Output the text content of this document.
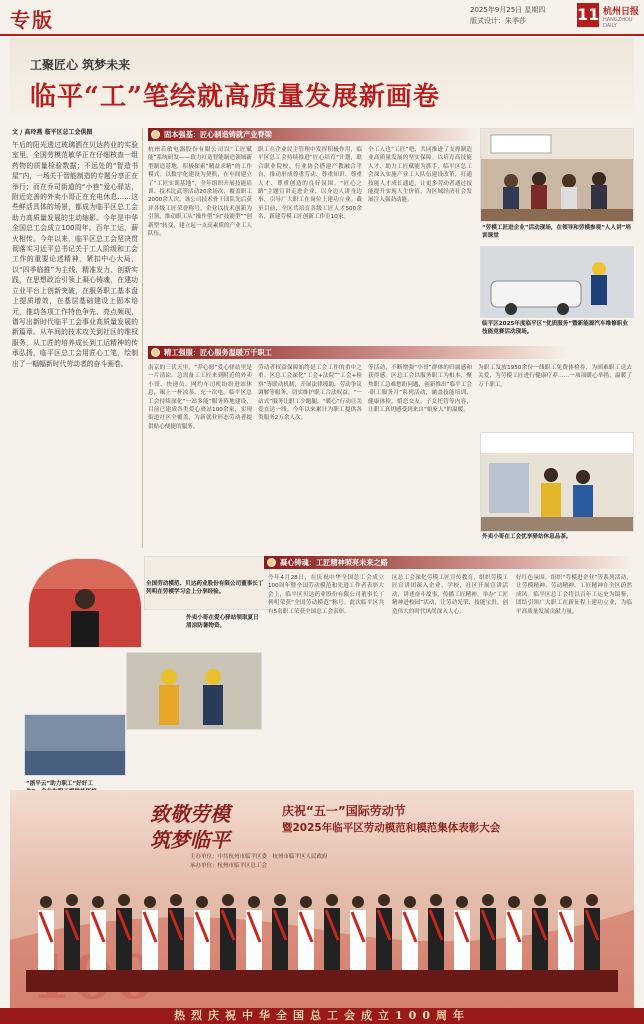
专版	2025年9月25日 星期四
版式设计：朱季莎	11 杭州日报
HANGZHOU DAILY
工聚匠心 筑梦未来
临平“工”笔绘就高质量发展新画卷
文 / 高玲燕 临平区总工会供图
午后的阳光透过玻璃洒在贝达药业的实验室里，全国劳模范敏华正在仔细核查一组药物的质量检验数据；不远处的“智造书屋”内，一场关于智能制造的专题分享正在举行；而在乔司街道的“小巷”爱心驿站，附近完善的外卖小哥正在充电休息……这些鲜活具体的场景，都成为临平区总工会助力高质量发展的生动缩影。今年是中华全国总工会成立100周年。百年工运，薪火相传。今年以来，临平区总工会坚决贯彻落实习近平总书记关于工人阶级和工会工作的重要论述精神，紧扣中心大局，以“四季临推”为主线，精准发力、创新实践，在思想政治引领上凝心铸魂，在建功立业平台上创新突破，在服务职工基本盘上提质增效，在基层基础建设上固本培元，推动各项工作特色争先、亮点频现，谱写出新时代临平工会事业高质量发展的新篇章。从车间的技术攻关到社区的维权服务，从工匠的培养成长到工运精神的传承弘扬，临平区总工会用匠心工笔，绘制出了一幅幅新时代劳动者的奋斗画卷。
固本强基：匠心制造铸就产业脊梁
杭州若敏电器股份有限公司以“工匠赋能”系统研发——致力打造智能制造领域新型制造基地，积极探索“精益求精”的工作模式。以数字化建设为契机，在车间建立了“工匠实训基地”，全年组织开展技能培训、技术比武等活动20余场次，覆盖职工2000余人次。该公司技术骨干团队先后获评各级工匠荣誉称号。企业以技术创新为引领，推动职工从“操作型”向“技能型”“创新型”转变，建立起一支高素质的产业工人队伍。
职工在企业民主管理中发挥积极作用，临平区总工会持续推进“匠心培育”计划，联合职业院校、行业协会搭建产教融合平台，推动形成尊重劳动、尊重知识、尊重人才、尊重创造的良好氛围。“匠心之路”主题宣讲走进企业，以身边人讲身边事，引导广大职工在岗位上建功立业。截至目前，全区共培育各级工匠人才500余名，新建劳模工匠创新工作室10家。
全工人也“工匠”吧，共同推进了支撑制造业高质量发展的坚实保障。以培育高技能人才、助力工匠赋能为抓手，临平区总工会深入实施产业工人队伍建设改革，打通技能人才成长通道，让更多劳动者通过技能提升实现人生价值，为区域经济社会发展注入强劲动能。
“劳模工匠进企业”活动现场，在领导和劳模参观“人人讲”培训课堂
临平区2025年度临平区“优质服务”暨新能源汽车维修职业技能竞赛活动现场。
精工强服：匠心服务温暖万千职工
南京的三伏天里，“乔心愿”爱心驿站里是一片清凉。急需备工工匠来到附近的外卖小哥、快递员、网约车司机纷纷进站休息，喝上一杯凉茶、充一次电。临平区总工会持续深化“一站多能”服务阵地建设，目前已建成各类爱心驿站100余家，实现街道社区全覆盖，为新就业形态劳动者提供贴心便捷的服务。
劳动者权益保障始终是工会工作的重中之重。区总工会深化“工会+法院”“工会+检察”等联动机制，开展法律援助、劳动争议调解等服务，切实维护职工合法权益。“一站式”服务让职工少跑腿，“暖心”行动让关爱直达一线。今年以来累计为职工提供各类服务2万余人次。
等活动，不断增强“小哥”群体的归属感和获得感。区总工会以服务职工为根本，聚焦职工急难愁盼问题，创新推出“临平工会·职工服务月”系列活动，涵盖技能培训、健康体检、婚恋交友、子女托管等内容，让职工真切感受到来自“娘家人”的温暖。
为职工发放1950余份一线职工免费体检券，为困难职工送去关爱，为劳模工匠进行健康疗养……一项项暖心举措，温暖了万千职工。
外卖小哥在工会优享驿站休息品茶。
全国劳动模范、贝达药业股份有限公司董事长丁列明在劳模学习会上分享经验。
外卖小哥在爱心驿站领取夏日清凉防暑物资。
“浙平云”助力职工“好好工
凝心铸魂：工匠精神照亮未来之路
今年4月28日，在庆祝中华全国总工会成立100周年暨全国劳动模范和先进工作者表彰大会上，临平区贝达药业股份有限公司董事长丁列明荣获“全国劳动模范”称号。此次临平区共有5名职工荣获全国总工会表彰。
区总工会深化劳模工匠宣传教育，组织劳模工匠宣讲团深入企业、学校、社区开展宣讲活动，讲述奋斗故事，传播工匠精神。举办“工匠精神进校园”活动，让劳动光荣、技能宝贵、创造伟大的时代风尚深入人心。
好红色氛围，组织“劳模进企业”等系列活动，让劳模精神、劳动精神、工匠精神在全区蔚然成风。临平区总工会将以百年工运史为镜鉴，团结引领广大职工在新征程上建功立业，为临平高质量发展贡献力量。
致敬劳模
筑梦临平
庆祝“五一”国际劳动节
暨2025年临平区劳动模范和模范集体表彰大会
主办单位：中共杭州市临平区委　杭州市临平区人民政府
承办单位：杭州市临平区总工会
热烈庆祝中华全国总工会成立100周年
